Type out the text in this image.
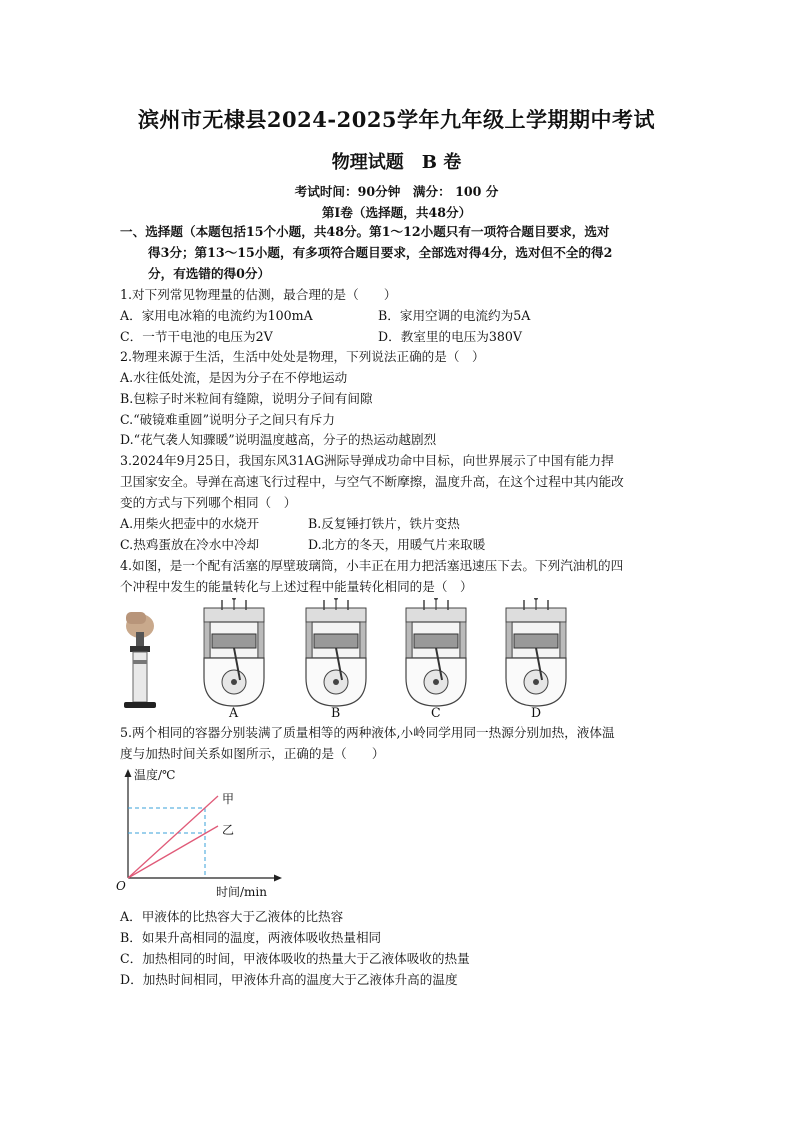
滨州市无棣县2024-2025学年九年级上学期期中考试
物理试题　B 卷
考试时间：90分钟　满分： 100 分
第Ⅰ卷（选择题，共48分）
一、选择题（本题包括15个小题，共48分。第1～12小题只有一项符合题目要求，选对
得3分；第13～15小题，有多项符合题目要求，全部选对得4分，选对但不全的得2
分，有选错的得0分）
1.对下列常见物理量的估测，最合理的是（　　）
A．家用电冰箱的电流约为100mA	B．家用空调的电流约为5A
C．一节干电池的电压为2V	D．教室里的电压为380V
2.物理来源于生活，生活中处处是物理，下列说法正确的是（　）
A.水往低处流，是因为分子在不停地运动
B.包粽子时米粒间有缝隙，说明分子间有间隙
C.“破镜难重圆”说明分子之间只有斥力
D.“花气袭人知骤暖”说明温度越高，分子的热运动越剧烈
3.2024年9月25日，我国东风31AG洲际导弹成功命中目标，向世界展示了中国有能力捍
卫国家安全。导弹在高速飞行过程中，与空气不断摩擦，温度升高，在这个过程中其内能改
变的方式与下列哪个相同（　）
A.用柴火把壶中的水烧开	B.反复锤打铁片，铁片变热
C.热鸡蛋放在冷水中冷却	D.北方的冬天，用暖气片来取暖
4.如图，是一个配有活塞的厚壁玻璃筒，小丰正在用力把活塞迅速压下去。下列汽油机的四
个冲程中发生的能量转化与上述过程中能量转化相同的是（　）
A	B	C	D
5.两个相同的容器分别装满了质量相等的两种液体,小岭同学用同一热源分别加热，液体温
度与加热时间关系如图所示，正确的是（　　）
温度/℃
甲
乙
O	时间/min
A．甲液体的比热容大于乙液体的比热容
B．如果升高相同的温度，两液体吸收热量相同
C．加热相同的时间，甲液体吸收的热量大于乙液体吸收的热量
D．加热时间相同，甲液体升高的温度大于乙液体升高的温度
